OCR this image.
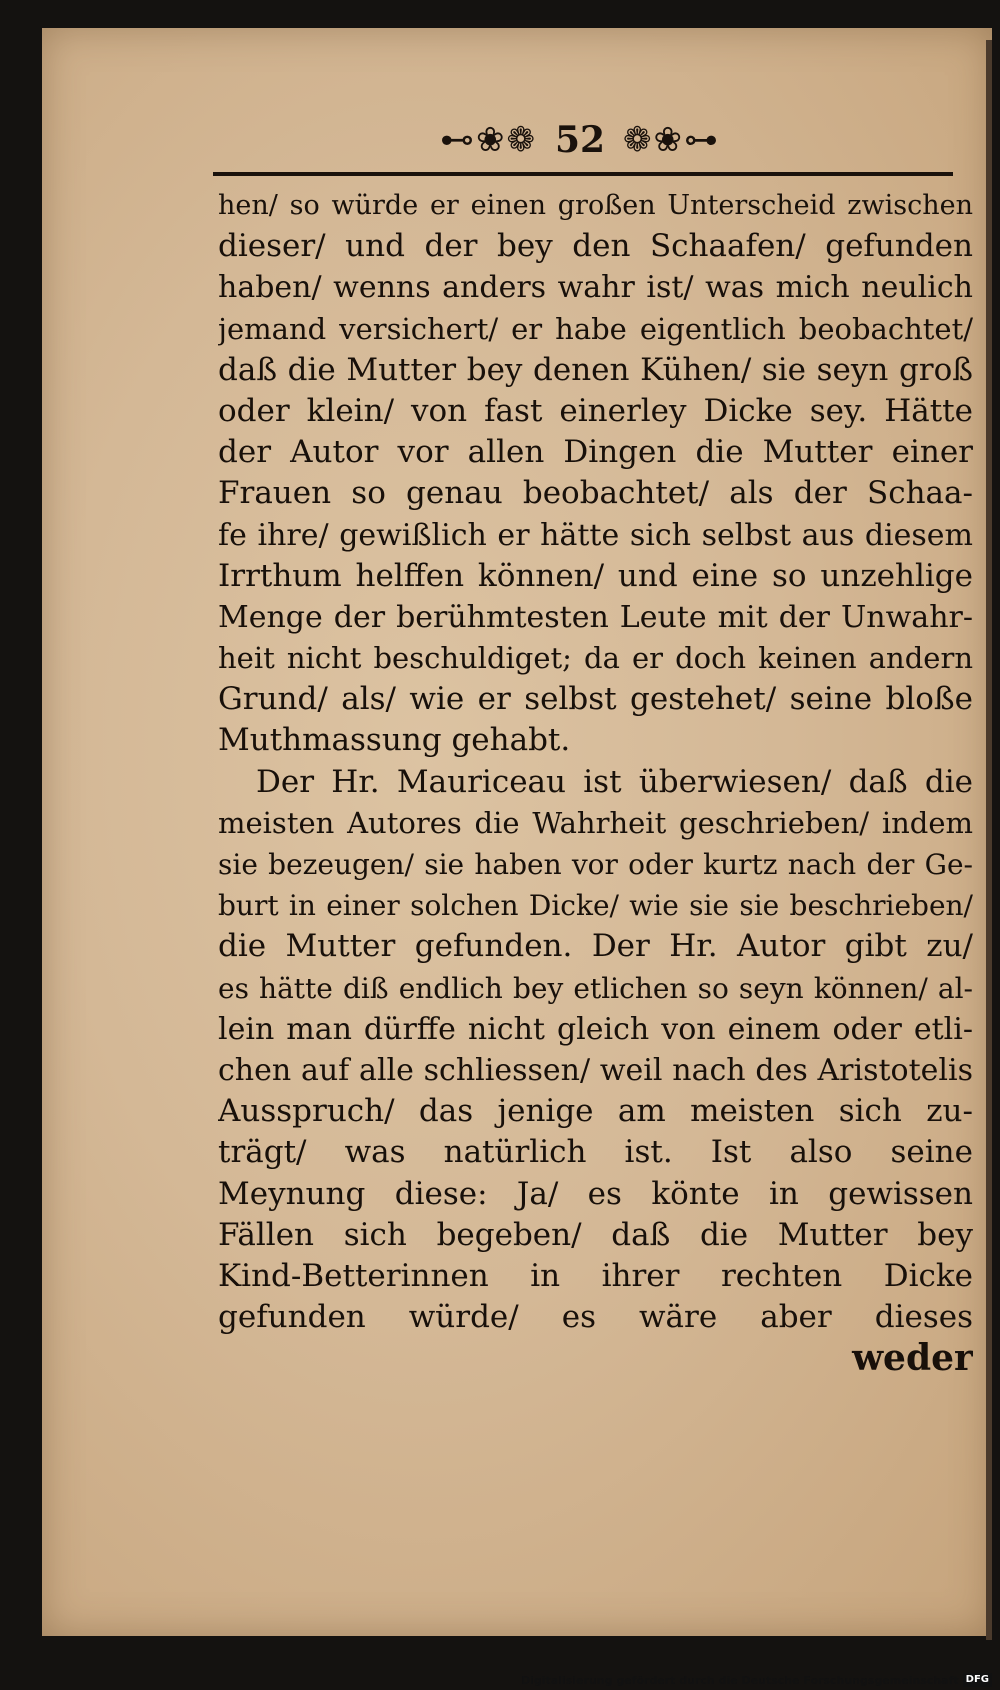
⊷❀❁ 52 ❁❀⊶
hen/ so würde er einen großen Unterscheid zwischen
dieser/ und der bey den Schaafen/ gefunden
haben/ wenns anders wahr ist/ was mich neulich
jemand versichert/ er habe eigentlich beobachtet/
daß die Mutter bey denen Kühen/ sie seyn groß
oder klein/ von fast einerley Dicke sey. Hätte
der Autor vor allen Dingen die Mutter einer
Frauen so genau beobachtet/ als der Schaa-
fe ihre/ gewißlich er hätte sich selbst aus diesem
Irrthum helffen können/ und eine so unzehlige
Menge der berühmtesten Leute mit der Unwahr-
heit nicht beschuldiget; da er doch keinen andern
Grund/ als/ wie er selbst gestehet/ seine bloße
Muthmassung gehabt.
Der Hr. Mauriceau ist überwiesen/ daß die
meisten Autores die Wahrheit geschrieben/ indem
sie bezeugen/ sie haben vor oder kurtz nach der Ge-
burt in einer solchen Dicke/ wie sie sie beschrieben/
die Mutter gefunden. Der Hr. Autor gibt zu/
es hätte diß endlich bey etlichen so seyn können/ al-
lein man dürffe nicht gleich von einem oder etli-
chen auf alle schliessen/ weil nach des Aristotelis
Ausspruch/ das jenige am meisten sich zu-
trägt/ was natürlich ist. Ist also seine
Meynung diese: Ja/ es könte in gewissen
Fällen sich begeben/ daß die Mutter bey
Kind-Betterinnen in ihrer rechten Dicke
gefunden würde/ es wäre aber dieses
weder
Digitalisierung gefördert durch die Deutsche Forschungsgemeinschaft DFG
